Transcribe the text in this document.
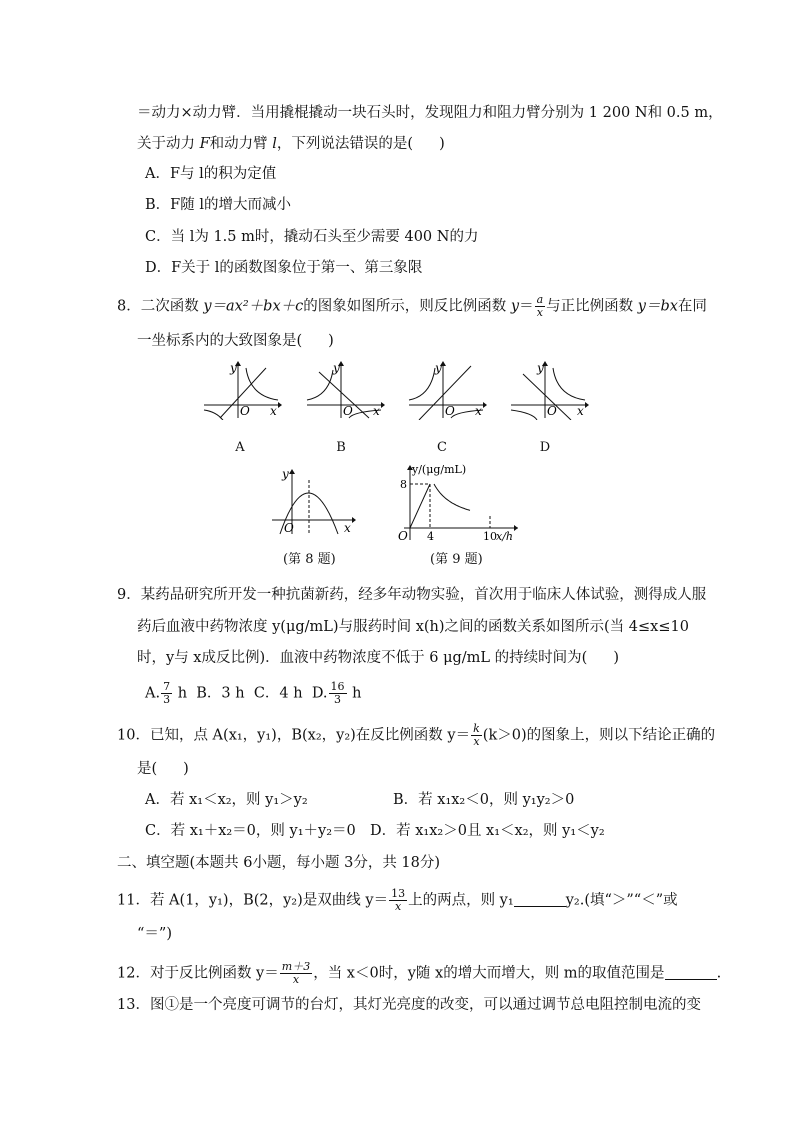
＝动力×动力臂．当用撬棍撬动一块石头时，发现阻力和阻力臂分别为 1 200 N和 0.5 m，
关于动力 F和动力臂 l，下列说法错误的是( )
A．F与 l的积为定值
B．F随 l的增大而减小
C．当 l为 1.5 m时，撬动石头至少需要 400 N的力
D．F关于 l的函数图象位于第一、第三象限
8．二次函数 y＝ax²＋bx＋c的图象如图所示，则反比例函数 $y= \frac{a}{x}$ 与正比例函数 y＝bx在同
一坐标系内的大致图象是( )
y
O x
y
O x
y
O x
y
O x
A	B	C	D
y
O	x
(第 8 题)
y/(μg/mL)
8
O 4	10 x/h
(第 9 题)
9．某药品研究所开发一种抗菌新药，经多年动物实验，首次用于临床人体试验，测得成人服
药后血液中药物浓度 y(μg/mL)与服药时间 x(h)之间的函数关系如图所示(当 4≤x≤10
时，y与 x成反比例)．血液中药物浓度不低于 6 μg/mL 的持续时间为( )
A. $\frac{7}{3}$ h B．3 h C．4 h D. $\frac{16}{3}$ h
10．已知，点 A(x₁，y₁)，B(x₂，y₂)在反比例函数 $y= \frac{k}{x} (k>0)$的图象上，则以下结论正确的
是( )
A．若 x₁＜x₂，则 y₁＞y₂	B．若 x₁x₂＜0，则 y₁y₂＞0
C．若 x₁＋x₂＝0，则 y₁＋y₂＝0 D．若 x₁x₂＞0且 x₁＜x₂，则 y₁＜y₂
二、填空题(本题共 6小题，每小题 3分，共 18分)
11．若 A(1，y₁)，B(2，y₂)是双曲线 $y= \frac{13}{x}$ 上的两点，则 y₁	y₂.(填“＞”“＜”或
“＝”)
12．对于反比例函数 $y= \frac{m+3}{x}$ ，当 x＜0时，y随 x的增大而增大，则 m的取值范围是	.
13．图①是一个亮度可调节的台灯，其灯光亮度的改变，可以通过调节总电阻控制电流的变
